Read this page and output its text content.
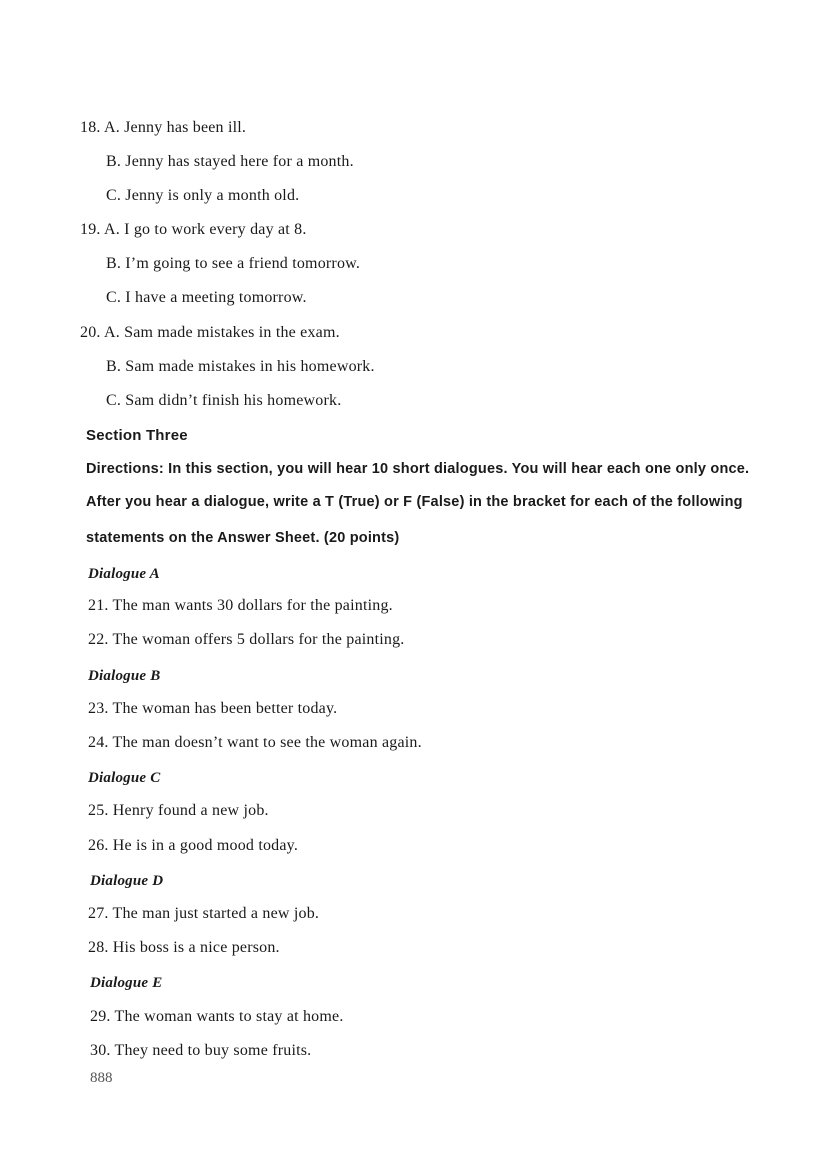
18. A. Jenny has been ill.
B. Jenny has stayed here for a month.
C. Jenny is only a month old.
19. A. I go to work every day at 8.
B. I’m going to see a friend tomorrow.
C. I have a meeting tomorrow.
20. A. Sam made mistakes in the exam.
B. Sam made mistakes in his homework.
C. Sam didn’t finish his homework.
Section Three
Directions: In this section, you will hear 10 short dialogues. You will hear each one only once.
After you hear a dialogue, write a T (True) or F (False) in the bracket for each of the following
statements on the Answer Sheet. (20 points)
Dialogue A
21. The man wants 30 dollars for the painting.
22. The woman offers 5 dollars for the painting.
Dialogue B
23. The woman has been better today.
24. The man doesn’t want to see the woman again.
Dialogue C
25. Henry found a new job.
26. He is in a good mood today.
Dialogue D
27. The man just started a new job.
28. His boss is a nice person.
Dialogue E
29. The woman wants to stay at home.
30. They need to buy some fruits.
888
